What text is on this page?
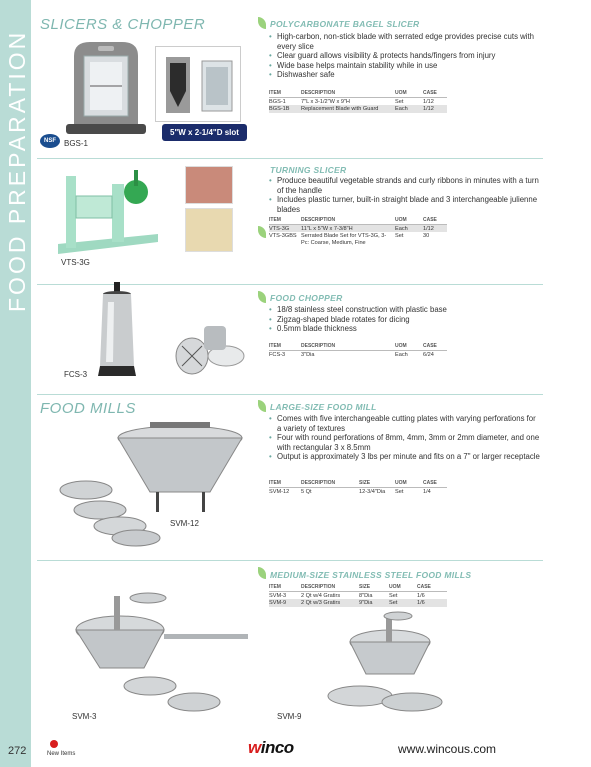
FOOD PREPARATION
New Items
272
SLICERS & CHOPPER
FOOD MILLS
NSF	BGS-1
5"W x 2-1/4"D slot
POLYCARBONATE BAGEL SLICER
• High-carbon, non-stick blade with serrated edge provides precise cuts with every slice
• Clear guard allows visibility & protects hands/fingers from injury
• Wide base helps maintain stability while in use
• Dishwasher safe
ITEM	DESCRIPTION	UOM	CASE
BGS-1	7"L x 3-1/2"W x 9"H	Set	1/12
BGS-1B	Replacement Blade with Guard	Each	1/12
VTS-3G
TURNING SLICER
• Produce beautiful vegetable strands and curly ribbons in minutes with a turn of the handle
• Includes plastic turner, built-in straight blade and 3 interchangeable julienne blades
ITEM	DESCRIPTION	UOM	CASE
VTS-3G	11"L x 5"W x 7-3/8"H	Each	1/12
VTS-3GBS	Serrated Blade Set for VTS-3G, 3-Pc: Coarse, Medium, Fine	Set	30
FCS-3
FOOD CHOPPER
• 18/8 stainless steel construction with plastic base
• Zigzag-shaped blade rotates for dicing
• 0.5mm blade thickness
ITEM	DESCRIPTION	UOM	CASE
FCS-3	3"Dia	Each	6/24
SVM-12
LARGE-SIZE FOOD MILL
• Comes with five interchangeable cutting plates with varying perforations for a variety of textures
• Four with round perforations of 8mm, 4mm, 3mm or 2mm diameter, and one with rectangular 3 x 8.5mm
• Output is approximately 3 lbs per minute and fits on a 7" or larger receptacle
ITEM	DESCRIPTION	SIZE	UOM	CASE
SVM-12	5 Qt	12-3/4"Dia	Set	1/4
MEDIUM-SIZE STAINLESS STEEL FOOD MILLS
ITEM	DESCRIPTION	SIZE	UOM	CASE
SVM-3	2 Qt w/4 Gratirs	8"Dia	Set	1/6
SVM-9	2 Qt w/3 Gratirs	9"Dia	Set	1/6
SVM-3	SVM-9
winco	www.wincous.com
